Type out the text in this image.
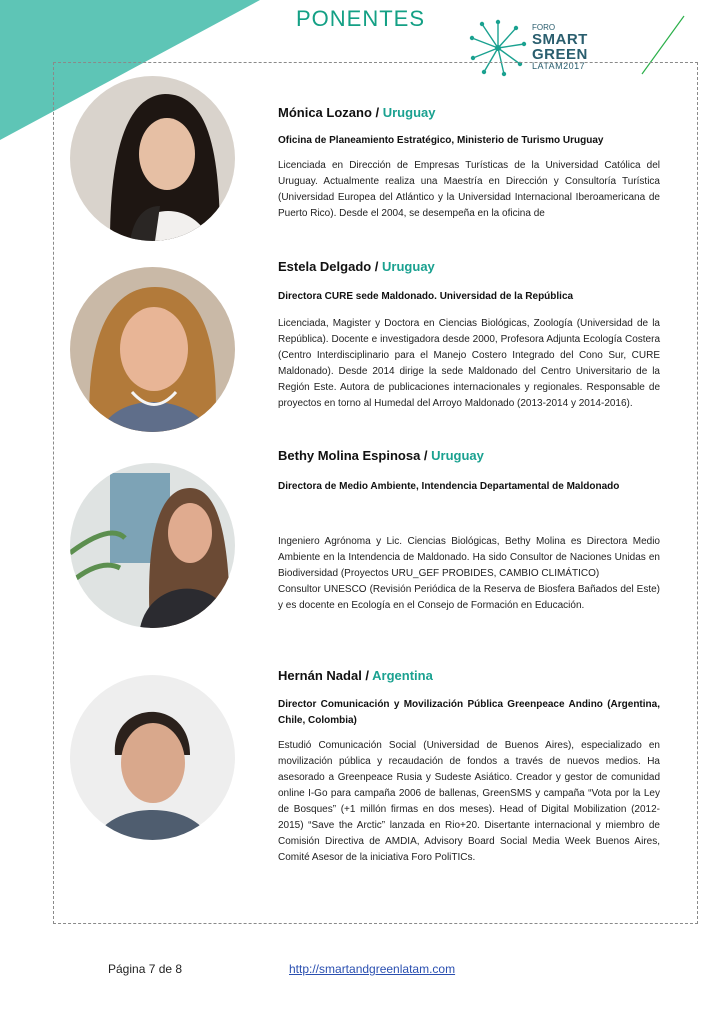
PONENTES	FORO
SMART
GREEN
LATAM2017
Mónica Lozano / Uruguay
Oficina de Planeamiento Estratégico, Ministerio de Turismo Uruguay

Licenciada en Dirección de Empresas Turísticas de la Universidad Católica del Uruguay. Actualmente realiza una Maestría en Dirección y Consultoría Turística (Universidad Europea del Atlántico y la Universidad Internacional Iberoamericana de Puerto Rico). Desde el 2004, se desempeña en la oficina de

Estela Delgado / Uruguay
Directora CURE sede Maldonado. Universidad de la República

Licenciada, Magister y Doctora en Ciencias Biológicas, Zoología (Universidad de la República). Docente e investigadora desde 2000, Profesora Adjunta Ecología Costera (Centro Interdisciplinario para el Manejo Costero Integrado del Cono Sur, CURE Maldonado). Desde 2014 dirige la sede Maldonado del Centro Universitario de la Región Este. Autora de publicaciones internacionales y regionales. Responsable de proyectos en torno al Humedal del Arroyo Maldonado (2013-2014 y 2014-2016).

Bethy Molina Espinosa / Uruguay
Directora de Medio Ambiente, Intendencia Departamental de Maldonado

Ingeniero Agrónoma y Lic. Ciencias Biológicas, Bethy Molina es Directora Medio Ambiente en la Intendencia de Maldonado. Ha sido Consultor de Naciones Unidas en Biodiversidad (Proyectos URU_GEF PROBIDES, CAMBIO CLIMÁTICO)

Consultor UNESCO (Revisión Periódica de la Reserva de Biosfera Bañados del Este) y es docente en Ecología en el Consejo de Formación en Educación.

Hernán Nadal / Argentina
Director Comunicación y Movilización Pública Greenpeace Andino (Argentina, Chile, Colombia)

Estudió Comunicación Social (Universidad de Buenos Aires), especializado en movilización pública y recaudación de fondos a través de nuevos medios. Ha asesorado a Greenpeace Rusia y Sudeste Asiático. Creador y gestor de comunidad online I-Go para campaña 2006 de ballenas, GreenSMS y campaña “Vota por la Ley de Bosques” (+1 millón firmas en dos meses). Head of Digital Mobilization (2012-2015) “Save the Arctic” lanzada en Rio+20. Disertante internacional y miembro de Comisión Directiva de AMDIA, Advisory Board Social Media Week Buenos Aires, Comité Asesor de la iniciativa Foro PoliTICs.

Página 7 de 8	http://smartandgreenlatam.com
